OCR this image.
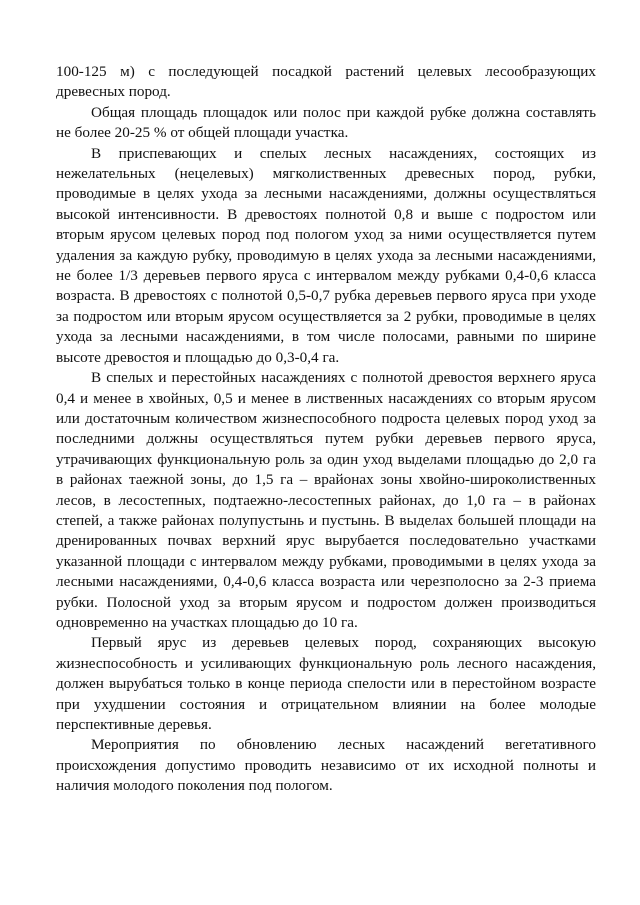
100-125 м) с последующей посадкой растений целевых лесообразующих древесных пород.

Общая площадь площадок или полос при каждой рубке должна составлять не более 20-25 % от общей площади участка.

В приспевающих и спелых лесных насаждениях, состоящих из нежелательных (нецелевых) мягколиственных древесных пород, рубки, проводимые в целях ухода за лесными насаждениями, должны осуществляться высокой интенсивности. В древостоях полнотой 0,8 и выше с подростом или вторым ярусом целевых пород под пологом уход за ними осуществляется путем удаления за каждую рубку, проводимую в целях ухода за лесными насаждениями, не более 1/3 деревьев первого яруса с интервалом между рубками 0,4-0,6 класса возраста. В древостоях с полнотой 0,5-0,7 рубка деревьев первого яруса при уходе за подростом или вторым ярусом осуществляется за 2 рубки, проводимые в целях ухода за лесными насаждениями, в том числе полосами, равными по ширине высоте древостоя и площадью до 0,3-0,4 га.

В спелых и перестойных насаждениях с полнотой древостоя верхнего яруса 0,4 и менее в хвойных, 0,5 и менее в лиственных насаждениях со вторым ярусом или достаточным количеством жизнеспособного подроста целевых пород уход за последними должны осуществляться путем рубки деревьев первого яруса, утрачивающих функциональную роль за один уход выделами площадью до 2,0 га в районах таежной зоны, до 1,5 га – вpайонах зоны хвойно-широколиственных лесов, в лесостепных, подтаежно-лесостепных районах, до 1,0 га – в районах степей, а также районах полупустынь и пустынь. В выделах большей площади на дренированных почвах верхний ярус вырубается последовательно участками указанной площади с интервалом между рубками, проводимыми в целях ухода за лесными насаждениями, 0,4-0,6 класса возраста или черезполосно за 2-3 приема рубки. Полосной уход за вторым ярусом и подростом должен производиться одновременно на участках площадью до 10 га.

Первый ярус из деревьев целевых пород, сохраняющих высокую жизнеспособность и усиливающих функциональную роль лесного насаждения, должен вырубаться только в конце периода спелости или в перестойном возрасте при ухудшении состояния и отрицательном влиянии на более молодые перспективные деревья.

Мероприятия по обновлению лесных насаждений вегетативного происхождения допустимо проводить независимо от их исходной полноты и наличия молодого поколения под пологом.
